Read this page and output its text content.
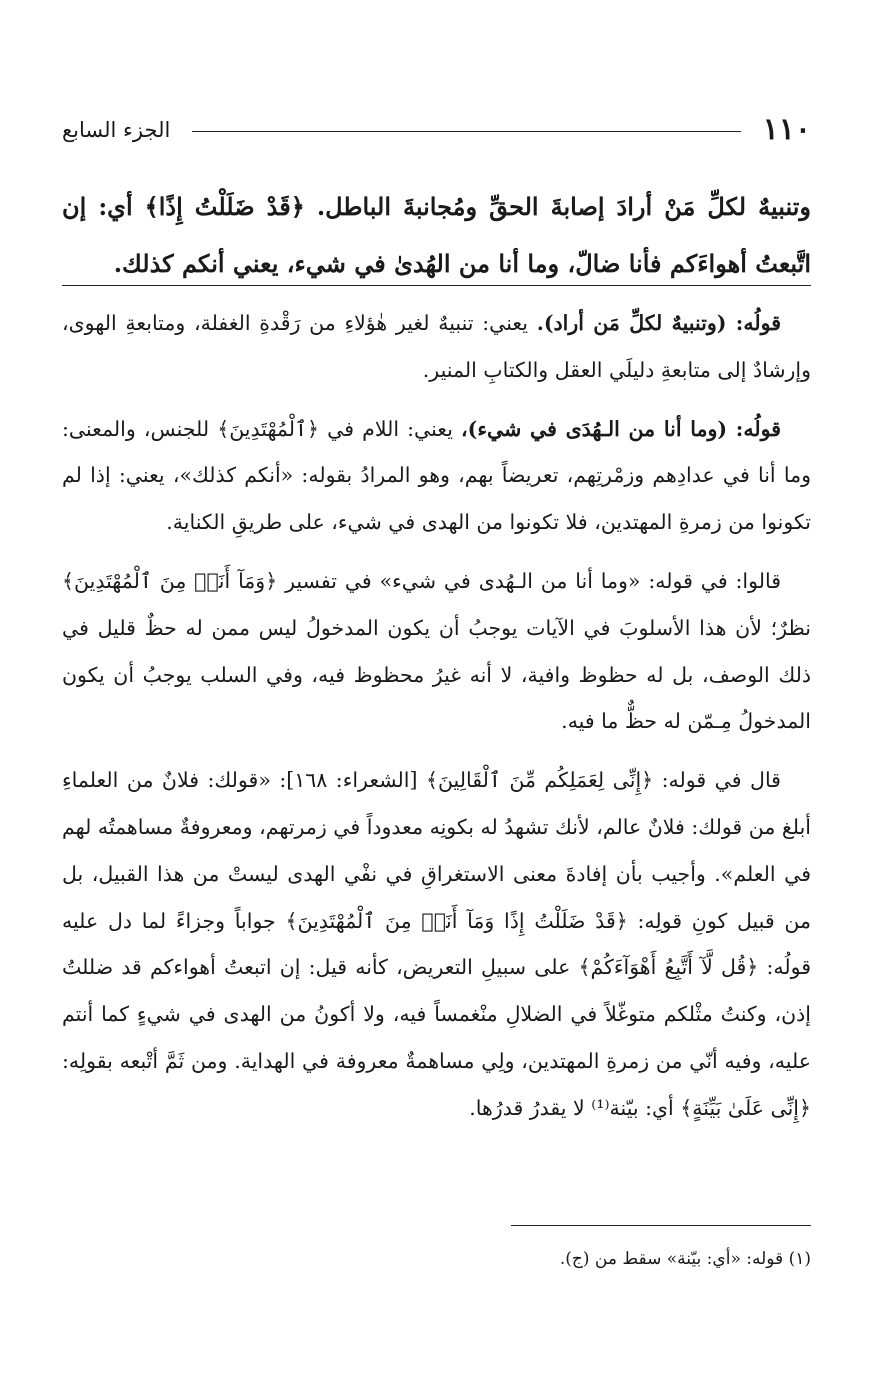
١١٠
الجزء السابع
وتنبيهٌ لكلِّ مَنْ أرادَ إصابةَ الحقِّ ومُجانبةَ الباطل. ﴿قَدْ ضَلَلْتُ إِذًا﴾ أي: إن اتَّبعتُ أهواءَكم فأنا ضالّ، وما أنا من الهُدىٰ في شيء، يعني أنكم كذلك.

قولُه: (وتنبيهٌ لكلِّ مَن أراد). يعني: تنبيهٌ لغير هٰؤلاءِ من رَقْدةِ الغفلة، ومتابعةِ الهوى، وإرشادٌ إلى متابعةِ دليلَي العقل والكتابِ المنير.

قولُه: (وما أنا من الـهُدَى في شيء)، يعني: اللام في ﴿ٱلْمُهْتَدِينَ﴾ للجنس، والمعنى: وما أنا في عدادِهم وزمْرتِهم، تعريضاً بهم، وهو المرادُ بقوله: «أنكم كذلك»، يعني: إذا لم تكونوا من زمرةِ المهتدين، فلا تكونوا من الهدى في شيء، على طريقِ الكناية.

قالوا: في قوله: «وما أنا من الـهُدى في شيء» في تفسير ﴿وَمَآ أَنَا۠ مِنَ ٱلْمُهْتَدِينَ﴾ نظرٌ؛ لأن هذا الأسلوبَ في الآيات يوجبُ أن يكون المدخولُ ليس ممن له حظٌ قليل في ذلك الوصف، بل له حظوظ وافية، لا أنه غيرُ محظوظ فيه، وفي السلب يوجبُ أن يكون المدخولُ مِـمّن له حظٌّ ما فيه.

قال في قوله: ﴿إِنِّى لِعَمَلِكُم مِّنَ ٱلْقَالِينَ﴾ [الشعراء: ١٦٨]: «قولك: فلانٌ من العلماءِ أبلغ من قولك: فلانٌ عالم، لأنك تشهدُ له بكونِه معدوداً في زمرتهم، ومعروفةٌ مساهمتُه لهم في العلم». وأجيب بأن إفادةَ معنى الاستغراقِ في نفْي الهدى ليستْ من هذا القبيل، بل من قبيل كونِ قولِه: ﴿قَدْ ضَلَلْتُ إِذًا وَمَآ أَنَا۠ مِنَ ٱلْمُهْتَدِينَ﴾ جواباً وجزاءً لما دل عليه قولُه: ﴿قُل لَّآ أَتَّبِعُ أَهْوَآءَكُمْ﴾ على سبيلِ التعريض، كأنه قيل: إن اتبعتُ أهواءكم قد ضللتُ إذن، وكنتُ مثْلكم متوغّلاً في الضلالِ منْغمساً فيه، ولا أكونُ من الهدى في شيءٍ كما أنتم عليه، وفيه أنّي من زمرةِ المهتدين، ولِي مساهمةٌ معروفة في الهداية. ومن ثَمَّ أتْبعه بقولِه: ﴿إِنِّى عَلَىٰ بَيِّنَةٍ﴾ أي: بيّنة⁽¹⁾ لا يقدرُ قدرُها.

(١) قوله: «أي: بيّنة» سقط من (ج).
